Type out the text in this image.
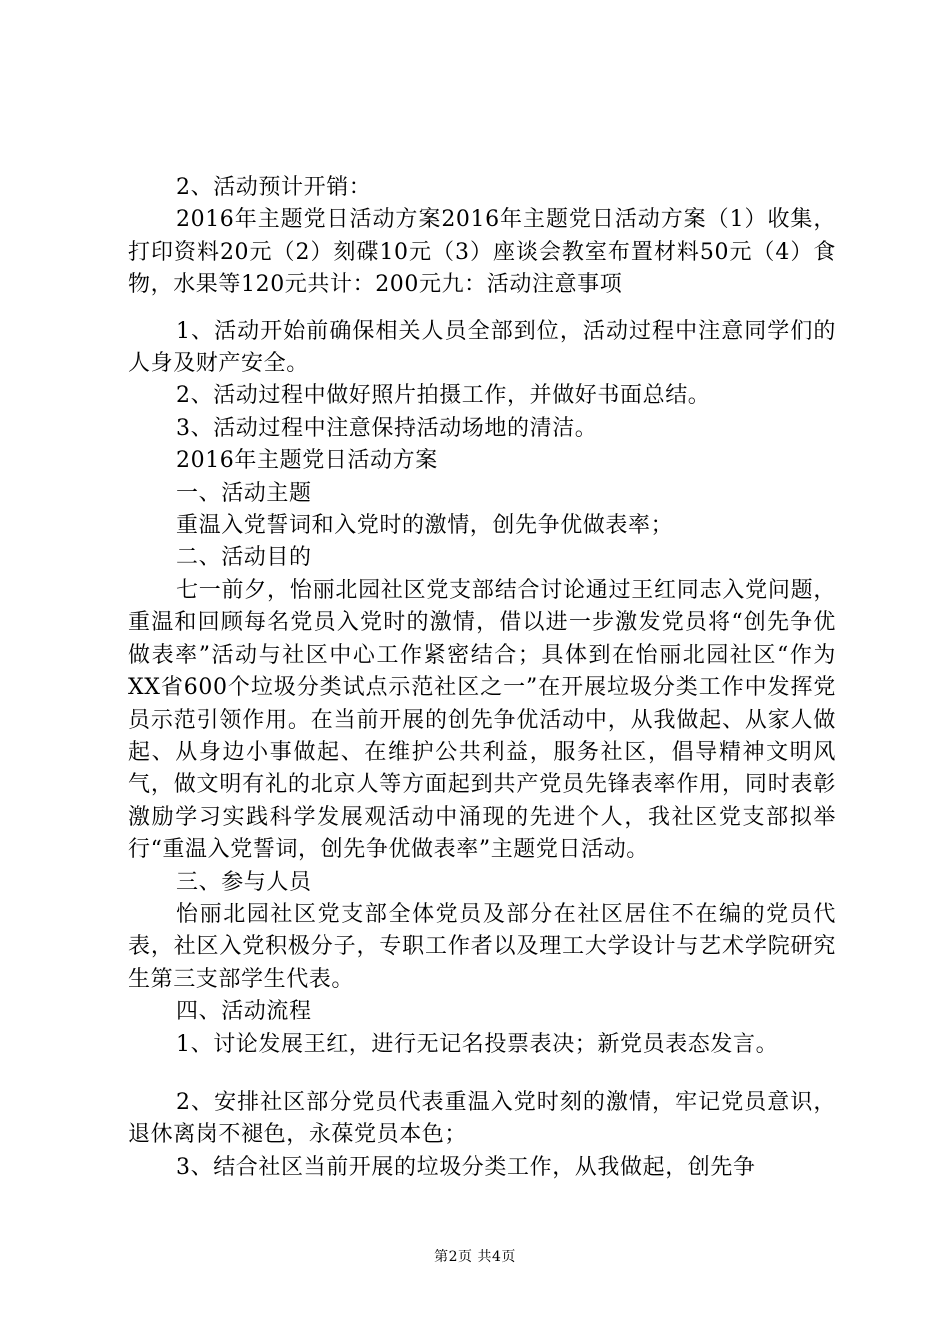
2、活动预计开销：

2016年主题党日活动方案2016年主题党日活动方案（1）收集，打印资料20元（2）刻碟10元（3）座谈会教室布置材料50元（4）食物，水果等120元共计：200元九：活动注意事项

1、活动开始前确保相关人员全部到位，活动过程中注意同学们的人身及财产安全。

2、活动过程中做好照片拍摄工作，并做好书面总结。

3、活动过程中注意保持活动场地的清洁。

2016年主题党日活动方案

一、活动主题

重温入党誓词和入党时的激情，创先争优做表率；

二、活动目的

七一前夕，怡丽北园社区党支部结合讨论通过王红同志入党问题，重温和回顾每名党员入党时的激情，借以进一步激发党员将“创先争优做表率”活动与社区中心工作紧密结合；具体到在怡丽北园社区“作为XX省600个垃圾分类试点示范社区之一”在开展垃圾分类工作中发挥党员示范引领作用。在当前开展的创先争优活动中，从我做起、从家人做起、从身边小事做起、在维护公共利益，服务社区，倡导精神文明风气，做文明有礼的北京人等方面起到共产党员先锋表率作用，同时表彰激励学习实践科学发展观活动中涌现的先进个人，我社区党支部拟举行“重温入党誓词，创先争优做表率”主题党日活动。

三、参与人员

怡丽北园社区党支部全体党员及部分在社区居住不在编的党员代表，社区入党积极分子，专职工作者以及理工大学设计与艺术学院研究生第三支部学生代表。

四、活动流程

1、讨论发展王红，进行无记名投票表决；新党员表态发言。

2、安排社区部分党员代表重温入党时刻的激情，牢记党员意识，退休离岗不褪色，永葆党员本色；

3、结合社区当前开展的垃圾分类工作，从我做起，创先争

第2页 共4页
